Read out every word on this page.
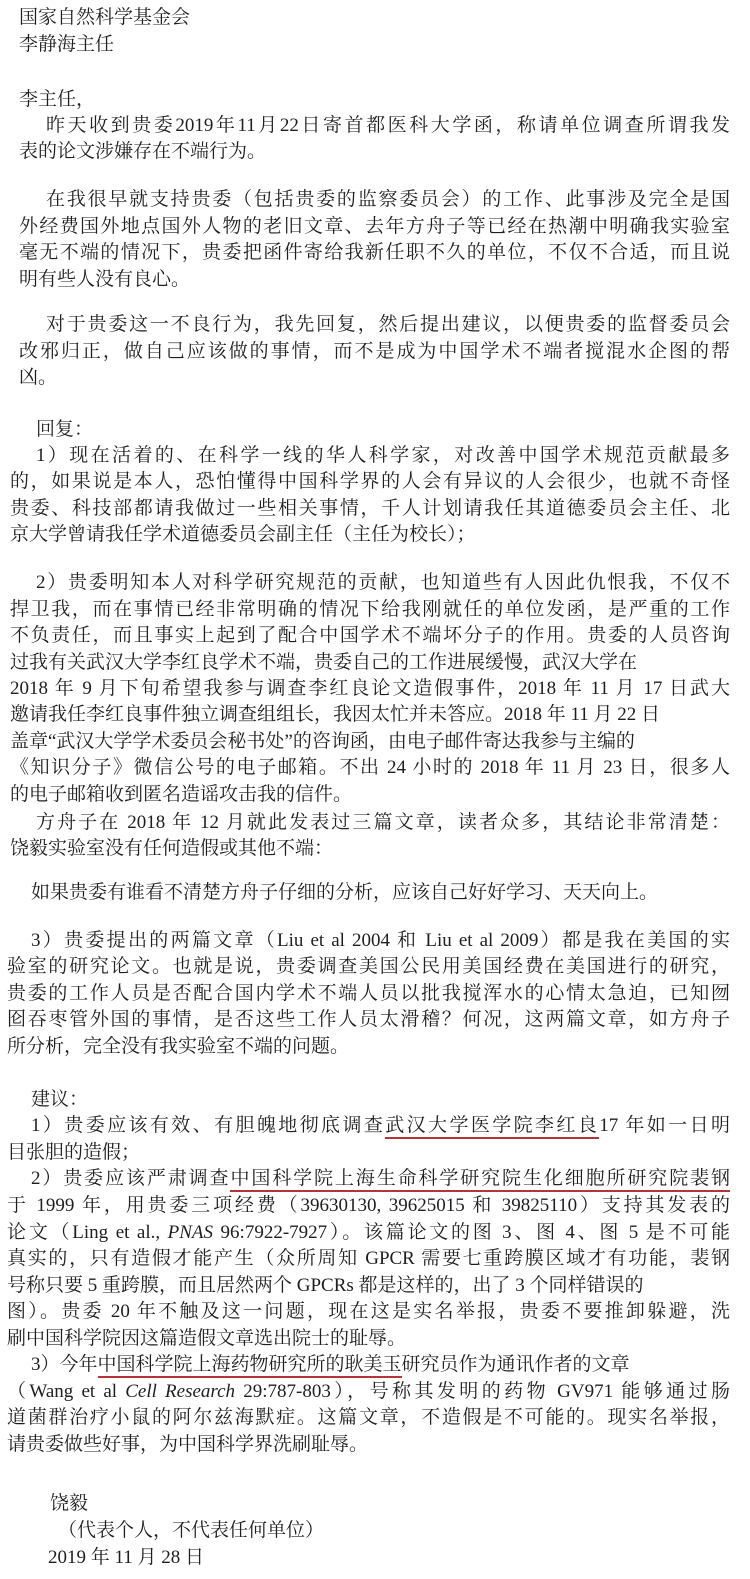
国家自然科学基金会
李静海主任
李主任，
昨天收到贵委2019年11月22日寄首都医科大学函，称请单位调查所谓我发
表的论文涉嫌存在不端行为。
在我很早就支持贵委（包括贵委的监察委员会）的工作、此事涉及完全是国
外经费国外地点国外人物的老旧文章、去年方舟子等已经在热潮中明确我实验室
毫无不端的情况下，贵委把函件寄给我新任职不久的单位，不仅不合适，而且说
明有些人没有良心。
对于贵委这一不良行为，我先回复，然后提出建议，以便贵委的监督委员会
改邪归正，做自己应该做的事情，而不是成为中国学术不端者搅混水企图的帮
凶。
回复：
1）现在活着的、在科学一线的华人科学家，对改善中国学术规范贡献最多
的，如果说是本人，恐怕懂得中国科学界的人会有异议的人会很少，也就不奇怪
贵委、科技部都请我做过一些相关事情，千人计划请我任其道德委员会主任、北
京大学曾请我任学术道德委员会副主任（主任为校长）；
2）贵委明知本人对科学研究规范的贡献，也知道些有人因此仇恨我，不仅不
捍卫我，而在事情已经非常明确的情况下给我刚就任的单位发函，是严重的工作
不负责任，而且事实上起到了配合中国学术不端坏分子的作用。贵委的人员咨询
过我有关武汉大学李红良学术不端，贵委自己的工作进展缓慢，武汉大学在
2018 年 9 月下旬希望我参与调查李红良论文造假事件，2018 年 11 月 17 日武大
邀请我任李红良事件独立调查组组长，我因太忙并未答应。2018 年 11 月 22 日
盖章“武汉大学学术委员会秘书处”的咨询函，由电子邮件寄达我参与主编的
《知识分子》微信公号的电子邮箱。不出 24 小时的 2018 年 11 月 23 日，很多人
的电子邮箱收到匿名造谣攻击我的信件。
方舟子在 2018 年 12 月就此发表过三篇文章，读者众多，其结论非常清楚：
饶毅实验室没有任何造假或其他不端：
如果贵委有谁看不清楚方舟子仔细的分析，应该自己好好学习、天天向上。
3）贵委提出的两篇文章（Liu et al 2004 和 Liu et al 2009）都是我在美国的实
验室的研究论文。也就是说，贵委调查美国公民用美国经费在美国进行的研究，
贵委的工作人员是否配合国内学术不端人员以批我搅浑水的心情太急迫，已知囫
囵吞枣管外国的事情，是否这些工作人员太滑稽？何况，这两篇文章，如方舟子
所分析，完全没有我实验室不端的问题。
建议：
1）贵委应该有效、有胆魄地彻底调查武汉大学医学院李红良17 年如一日明
目张胆的造假；
2）贵委应该严肃调查中国科学院上海生命科学研究院生化细胞所研究院裴钢
于 1999 年，用贵委三项经费（39630130, 39625015 和 39825110）支持其发表的
论文（Ling et al., PNAS 96:7922-7927）。该篇论文的图 3、图 4、图 5 是不可能
真实的，只有造假才能产生（众所周知 GPCR 需要七重跨膜区域才有功能，裴钢
号称只要 5 重跨膜，而且居然两个 GPCRs 都是这样的，出了 3 个同样错误的
图）。贵委 20 年不触及这一问题，现在这是实名举报，贵委不要推卸躲避，洗
刷中国科学院因这篇造假文章选出院士的耻辱。
3）今年中国科学院上海药物研究所的耿美玉研究员作为通讯作者的文章
（Wang et al Cell Research 29:787-803），号称其发明的药物 GV971 能够通过肠
道菌群治疗小鼠的阿尔兹海默症。这篇文章，不造假是不可能的。现实名举报，
请贵委做些好事，为中国科学界洗刷耻辱。
饶毅
（代表个人，不代表任何单位）
2019 年 11 月 28 日
